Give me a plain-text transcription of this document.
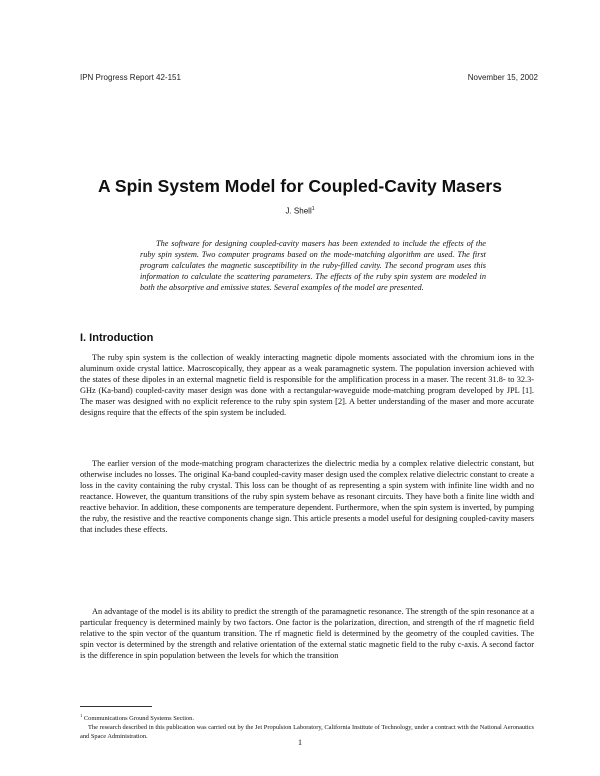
IPN Progress Report 42-151	November 15, 2002
A Spin System Model for Coupled-Cavity Masers
J. Shell$^1$

The software for designing coupled-cavity masers has been extended to include the effects of the ruby spin system. Two computer programs based on the mode-matching algorithm are used. The first program calculates the magnetic susceptibility in the ruby-filled cavity. The second program uses this information to calculate the scattering parameters. The effects of the ruby spin system are modeled in both the absorptive and emissive states. Several examples of the model are presented.

I. Introduction

The ruby spin system is the collection of weakly interacting magnetic dipole moments associated with the chromium ions in the aluminum oxide crystal lattice. Macroscopically, they appear as a weak paramagnetic system. The population inversion achieved with the states of these dipoles in an external magnetic field is responsible for the amplification process in a maser. The recent 31.8- to 32.3-GHz (Ka-band) coupled-cavity maser design was done with a rectangular-waveguide mode-matching program developed by JPL [1]. The maser was designed with no explicit reference to the ruby spin system [2]. A better understanding of the maser and more accurate designs require that the effects of the spin system be included.

The earlier version of the mode-matching program characterizes the dielectric media by a complex relative dielectric constant, but otherwise includes no losses. The original Ka-band coupled-cavity maser design used the complex relative dielectric constant to create a loss in the cavity containing the ruby crystal. This loss can be thought of as representing a spin system with infinite line width and no reactance. However, the quantum transitions of the ruby spin system behave as resonant circuits. They have both a finite line width and reactive behavior. In addition, these components are temperature dependent. Furthermore, when the spin system is inverted, by pumping the ruby, the resistive and the reactive components change sign. This article presents a model useful for designing coupled-cavity masers that includes these effects.

An advantage of the model is its ability to predict the strength of the paramagnetic resonance. The strength of the spin resonance at a particular frequency is determined mainly by two factors. One factor is the polarization, direction, and strength of the rf magnetic field relative to the spin vector of the quantum transition. The rf magnetic field is determined by the geometry of the coupled cavities. The spin vector is determined by the strength and relative orientation of the external static magnetic field to the ruby c-axis. A second factor is the difference in spin population between the levels for which the transition

$^1$ Communications Ground Systems Section.

The research described in this publication was carried out by the Jet Propulsion Laboratory, California Institute of Technology, under a contract with the National Aeronautics and Space Administration.

1
